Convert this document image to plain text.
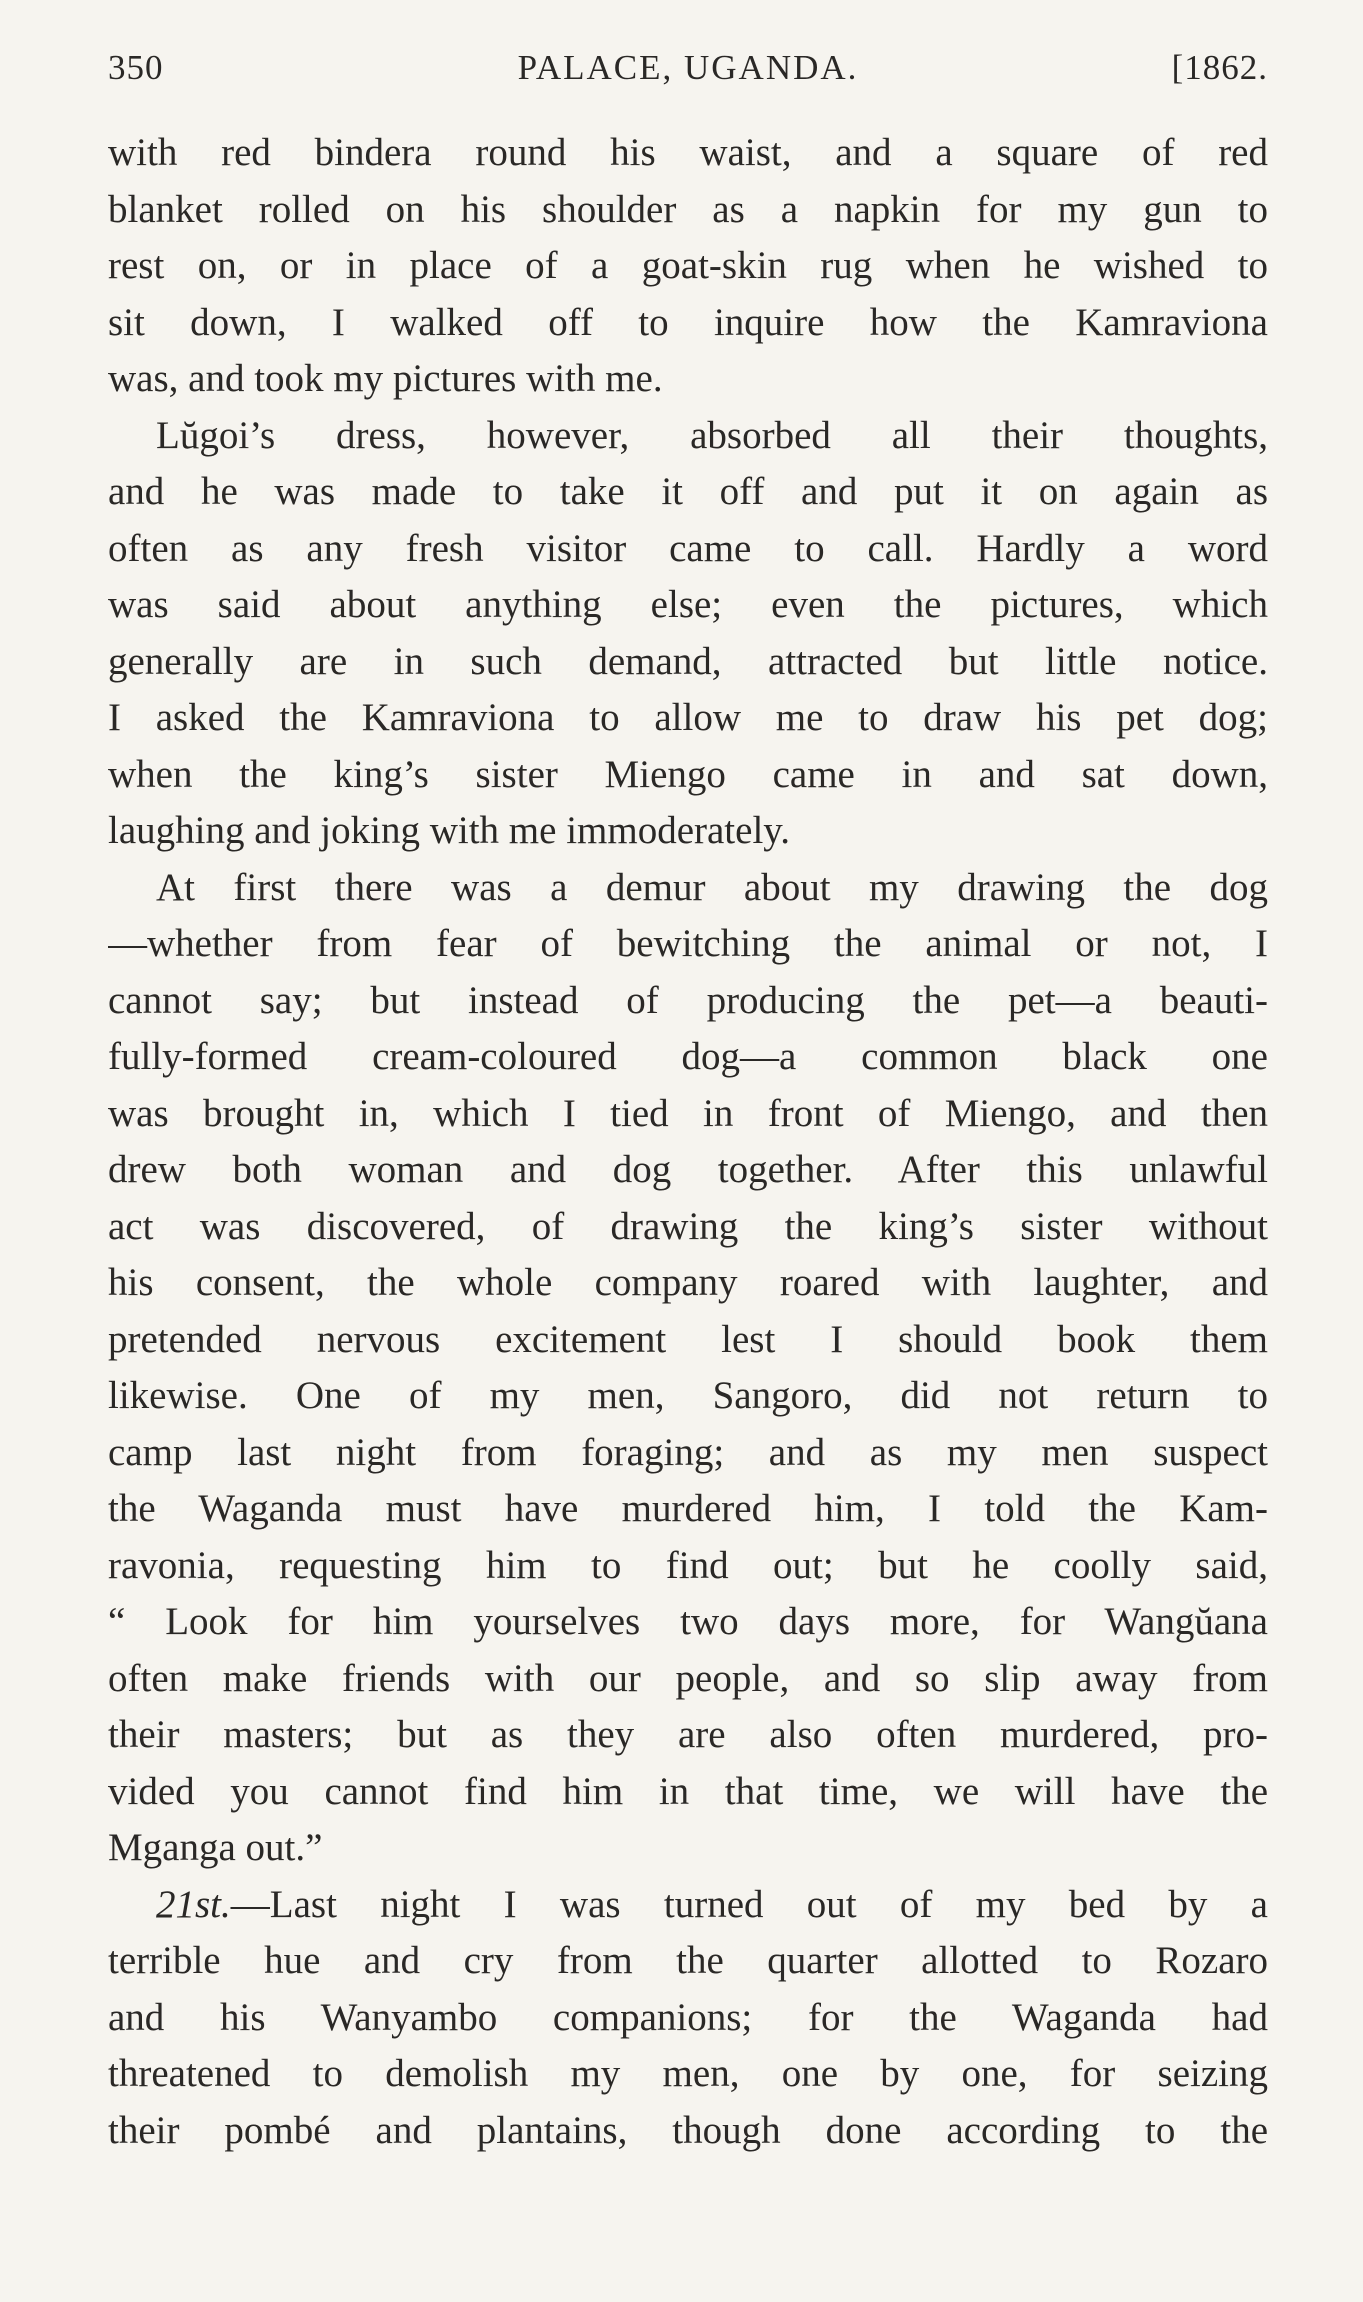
350	PALACE, UGANDA.	[1862.
with red bindera round his waist, and a square of red
blanket rolled on his shoulder as a napkin for my gun to
rest on, or in place of a goat-skin rug when he wished to
sit down, I walked off to inquire how the Kamraviona
was, and took my pictures with me.
Lŭgoi’s dress, however, absorbed all their thoughts,
and he was made to take it off and put it on again as
often as any fresh visitor came to call. Hardly a word
was said about anything else; even the pictures, which
generally are in such demand, attracted but little notice.
I asked the Kamraviona to allow me to draw his pet dog;
when the king’s sister Miengo came in and sat down,
laughing and joking with me immoderately.
At first there was a demur about my drawing the dog
—whether from fear of bewitching the animal or not, I
cannot say; but instead of producing the pet—a beauti-
fully-formed cream-coloured dog—a common black one
was brought in, which I tied in front of Miengo, and then
drew both woman and dog together. After this unlawful
act was discovered, of drawing the king’s sister without
his consent, the whole company roared with laughter, and
pretended nervous excitement lest I should book them
likewise. One of my men, Sangoro, did not return to
camp last night from foraging; and as my men suspect
the Waganda must have murdered him, I told the Kam-
ravonia, requesting him to find out; but he coolly said,
“ Look for him yourselves two days more, for Wangŭana
often make friends with our people, and so slip away from
their masters; but as they are also often murdered, pro-
vided you cannot find him in that time, we will have the
Mganga out.”
21st.—Last night I was turned out of my bed by a
terrible hue and cry from the quarter allotted to Rozaro
and his Wanyambo companions; for the Waganda had
threatened to demolish my men, one by one, for seizing
their pombé and plantains, though done according to the
